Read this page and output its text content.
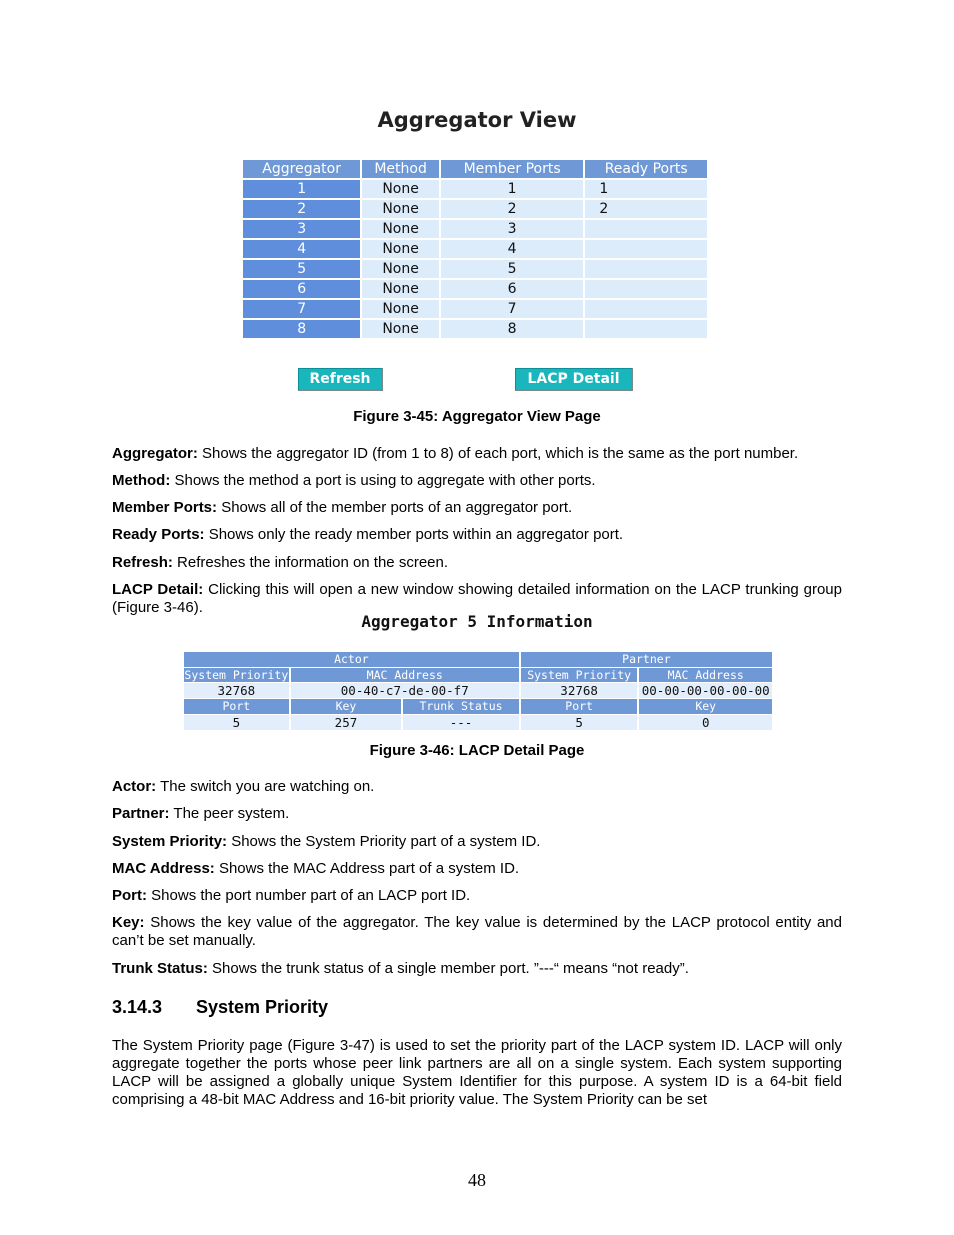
Aggregator View
Aggregator	Method	Member Ports	Ready Ports
1	None	1	1
2	None	2	2
3	None	3	
4	None	4	
5	None	5	
6	None	6	
7	None	7	
8	None	8	
Refresh	LACP Detail
Figure 3-45: Aggregator View Page
Aggregator: Shows the aggregator ID (from 1 to 8) of each port, which is the same as the port number.
Method: Shows the method a port is using to aggregate with other ports.
Member Ports: Shows all of the member ports of an aggregator port.
Ready Ports: Shows only the ready member ports within an aggregator port.
Refresh: Refreshes the information on the screen.
LACP Detail: Clicking this will open a new window showing detailed information on the LACP trunking group (Figure 3-46).
Aggregator 5 Information
Actor			Partner	
System Priority	MAC Address		System Priority	MAC Address
32768	00-40-c7-de-00-f7		32768	00-00-00-00-00-00
Port	Key	Trunk Status	Port	Key
5	257	---	5	0
Figure 3-46: LACP Detail Page
Actor: The switch you are watching on.
Partner: The peer system.
System Priority: Shows the System Priority part of a system ID.
MAC Address: Shows the MAC Address part of a system ID.
Port: Shows the port number part of an LACP port ID.
Key: Shows the key value of the aggregator. The key value is determined by the LACP protocol entity and can’t be set manually.
Trunk Status: Shows the trunk status of a single member port. ”---“ means “not ready”.
3.14.3 System Priority
The System Priority page (Figure 3-47) is used to set the priority part of the LACP system ID. LACP will only aggregate together the ports whose peer link partners are all on a single system. Each system supporting LACP will be assigned a globally unique System Identifier for this purpose. A system ID is a 64-bit field comprising a 48-bit MAC Address and 16-bit priority value. The System Priority can be set
48
